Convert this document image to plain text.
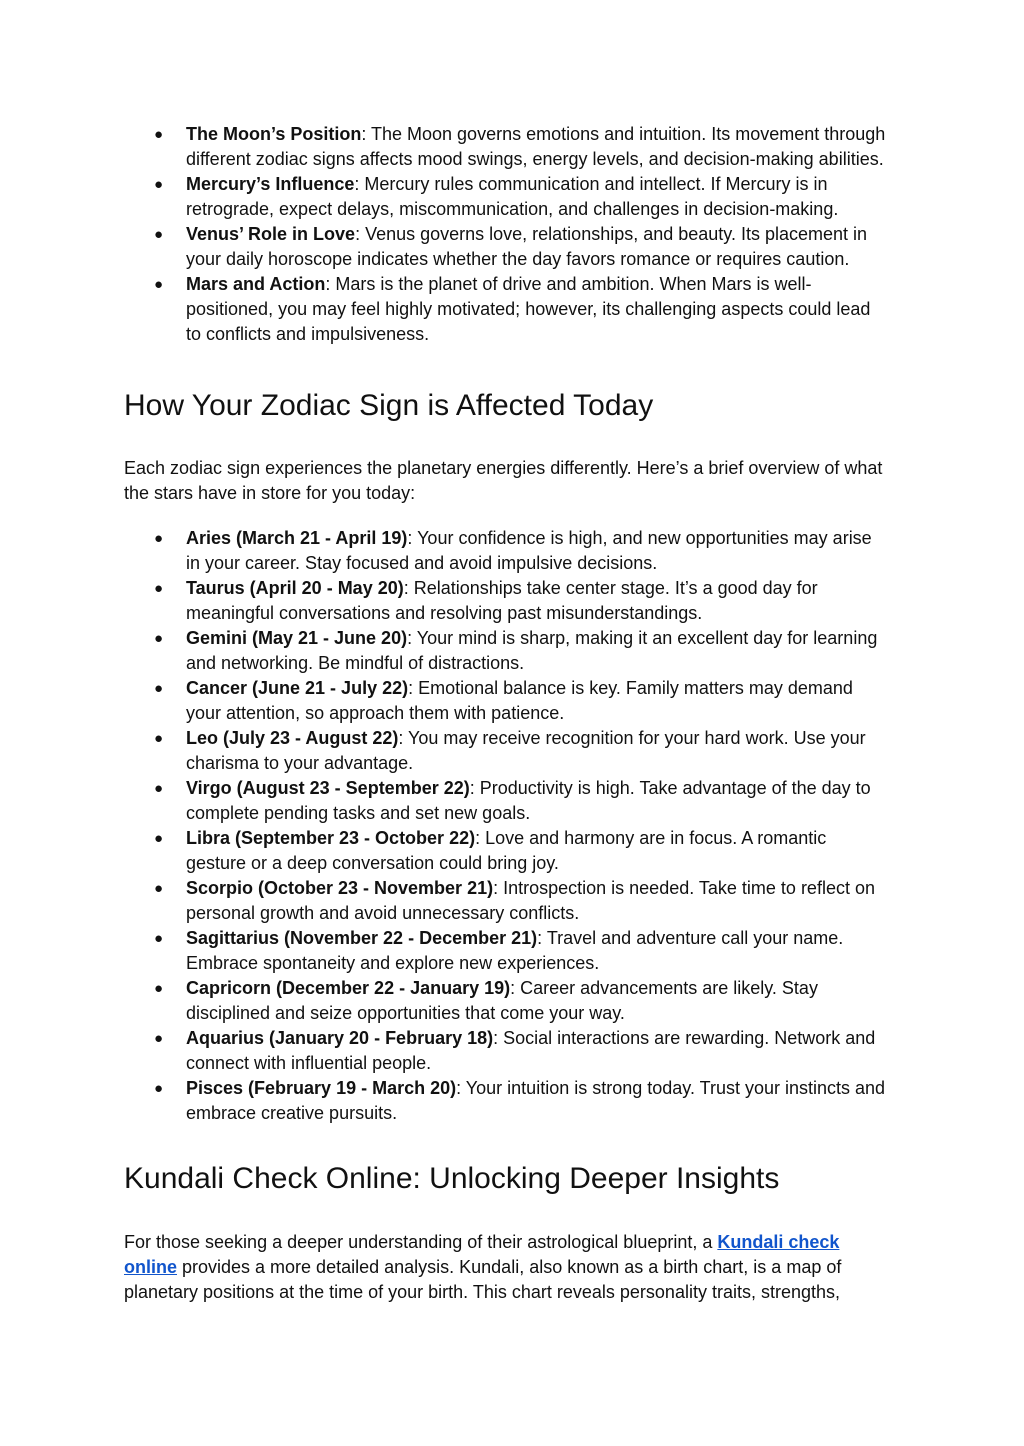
● The Moon’s Position: The Moon governs emotions and intuition. Its movement through different zodiac signs affects mood swings, energy levels, and decision-making abilities.
● Mercury’s Influence: Mercury rules communication and intellect. If Mercury is in retrograde, expect delays, miscommunication, and challenges in decision-making.
● Venus’ Role in Love: Venus governs love, relationships, and beauty. Its placement in your daily horoscope indicates whether the day favors romance or requires caution.
● Mars and Action: Mars is the planet of drive and ambition. When Mars is well-positioned, you may feel highly motivated; however, its challenging aspects could lead to conflicts and impulsiveness.
How Your Zodiac Sign is Affected Today

Each zodiac sign experiences the planetary energies differently. Here’s a brief overview of what the stars have in store for you today:

● Aries (March 21 - April 19): Your confidence is high, and new opportunities may arise in your career. Stay focused and avoid impulsive decisions.
● Taurus (April 20 - May 20): Relationships take center stage. It’s a good day for meaningful conversations and resolving past misunderstandings.
● Gemini (May 21 - June 20): Your mind is sharp, making it an excellent day for learning and networking. Be mindful of distractions.
● Cancer (June 21 - July 22): Emotional balance is key. Family matters may demand your attention, so approach them with patience.
● Leo (July 23 - August 22): You may receive recognition for your hard work. Use your charisma to your advantage.
● Virgo (August 23 - September 22): Productivity is high. Take advantage of the day to complete pending tasks and set new goals.
● Libra (September 23 - October 22): Love and harmony are in focus. A romantic gesture or a deep conversation could bring joy.
● Scorpio (October 23 - November 21): Introspection is needed. Take time to reflect on personal growth and avoid unnecessary conflicts.
● Sagittarius (November 22 - December 21): Travel and adventure call your name. Embrace spontaneity and explore new experiences.
● Capricorn (December 22 - January 19): Career advancements are likely. Stay disciplined and seize opportunities that come your way.
● Aquarius (January 20 - February 18): Social interactions are rewarding. Network and connect with influential people.
● Pisces (February 19 - March 20): Your intuition is strong today. Trust your instincts and embrace creative pursuits.
Kundali Check Online: Unlocking Deeper Insights

For those seeking a deeper understanding of their astrological blueprint, a Kundali check online provides a more detailed analysis. Kundali, also known as a birth chart, is a map of planetary positions at the time of your birth. This chart reveals personality traits, strengths,
